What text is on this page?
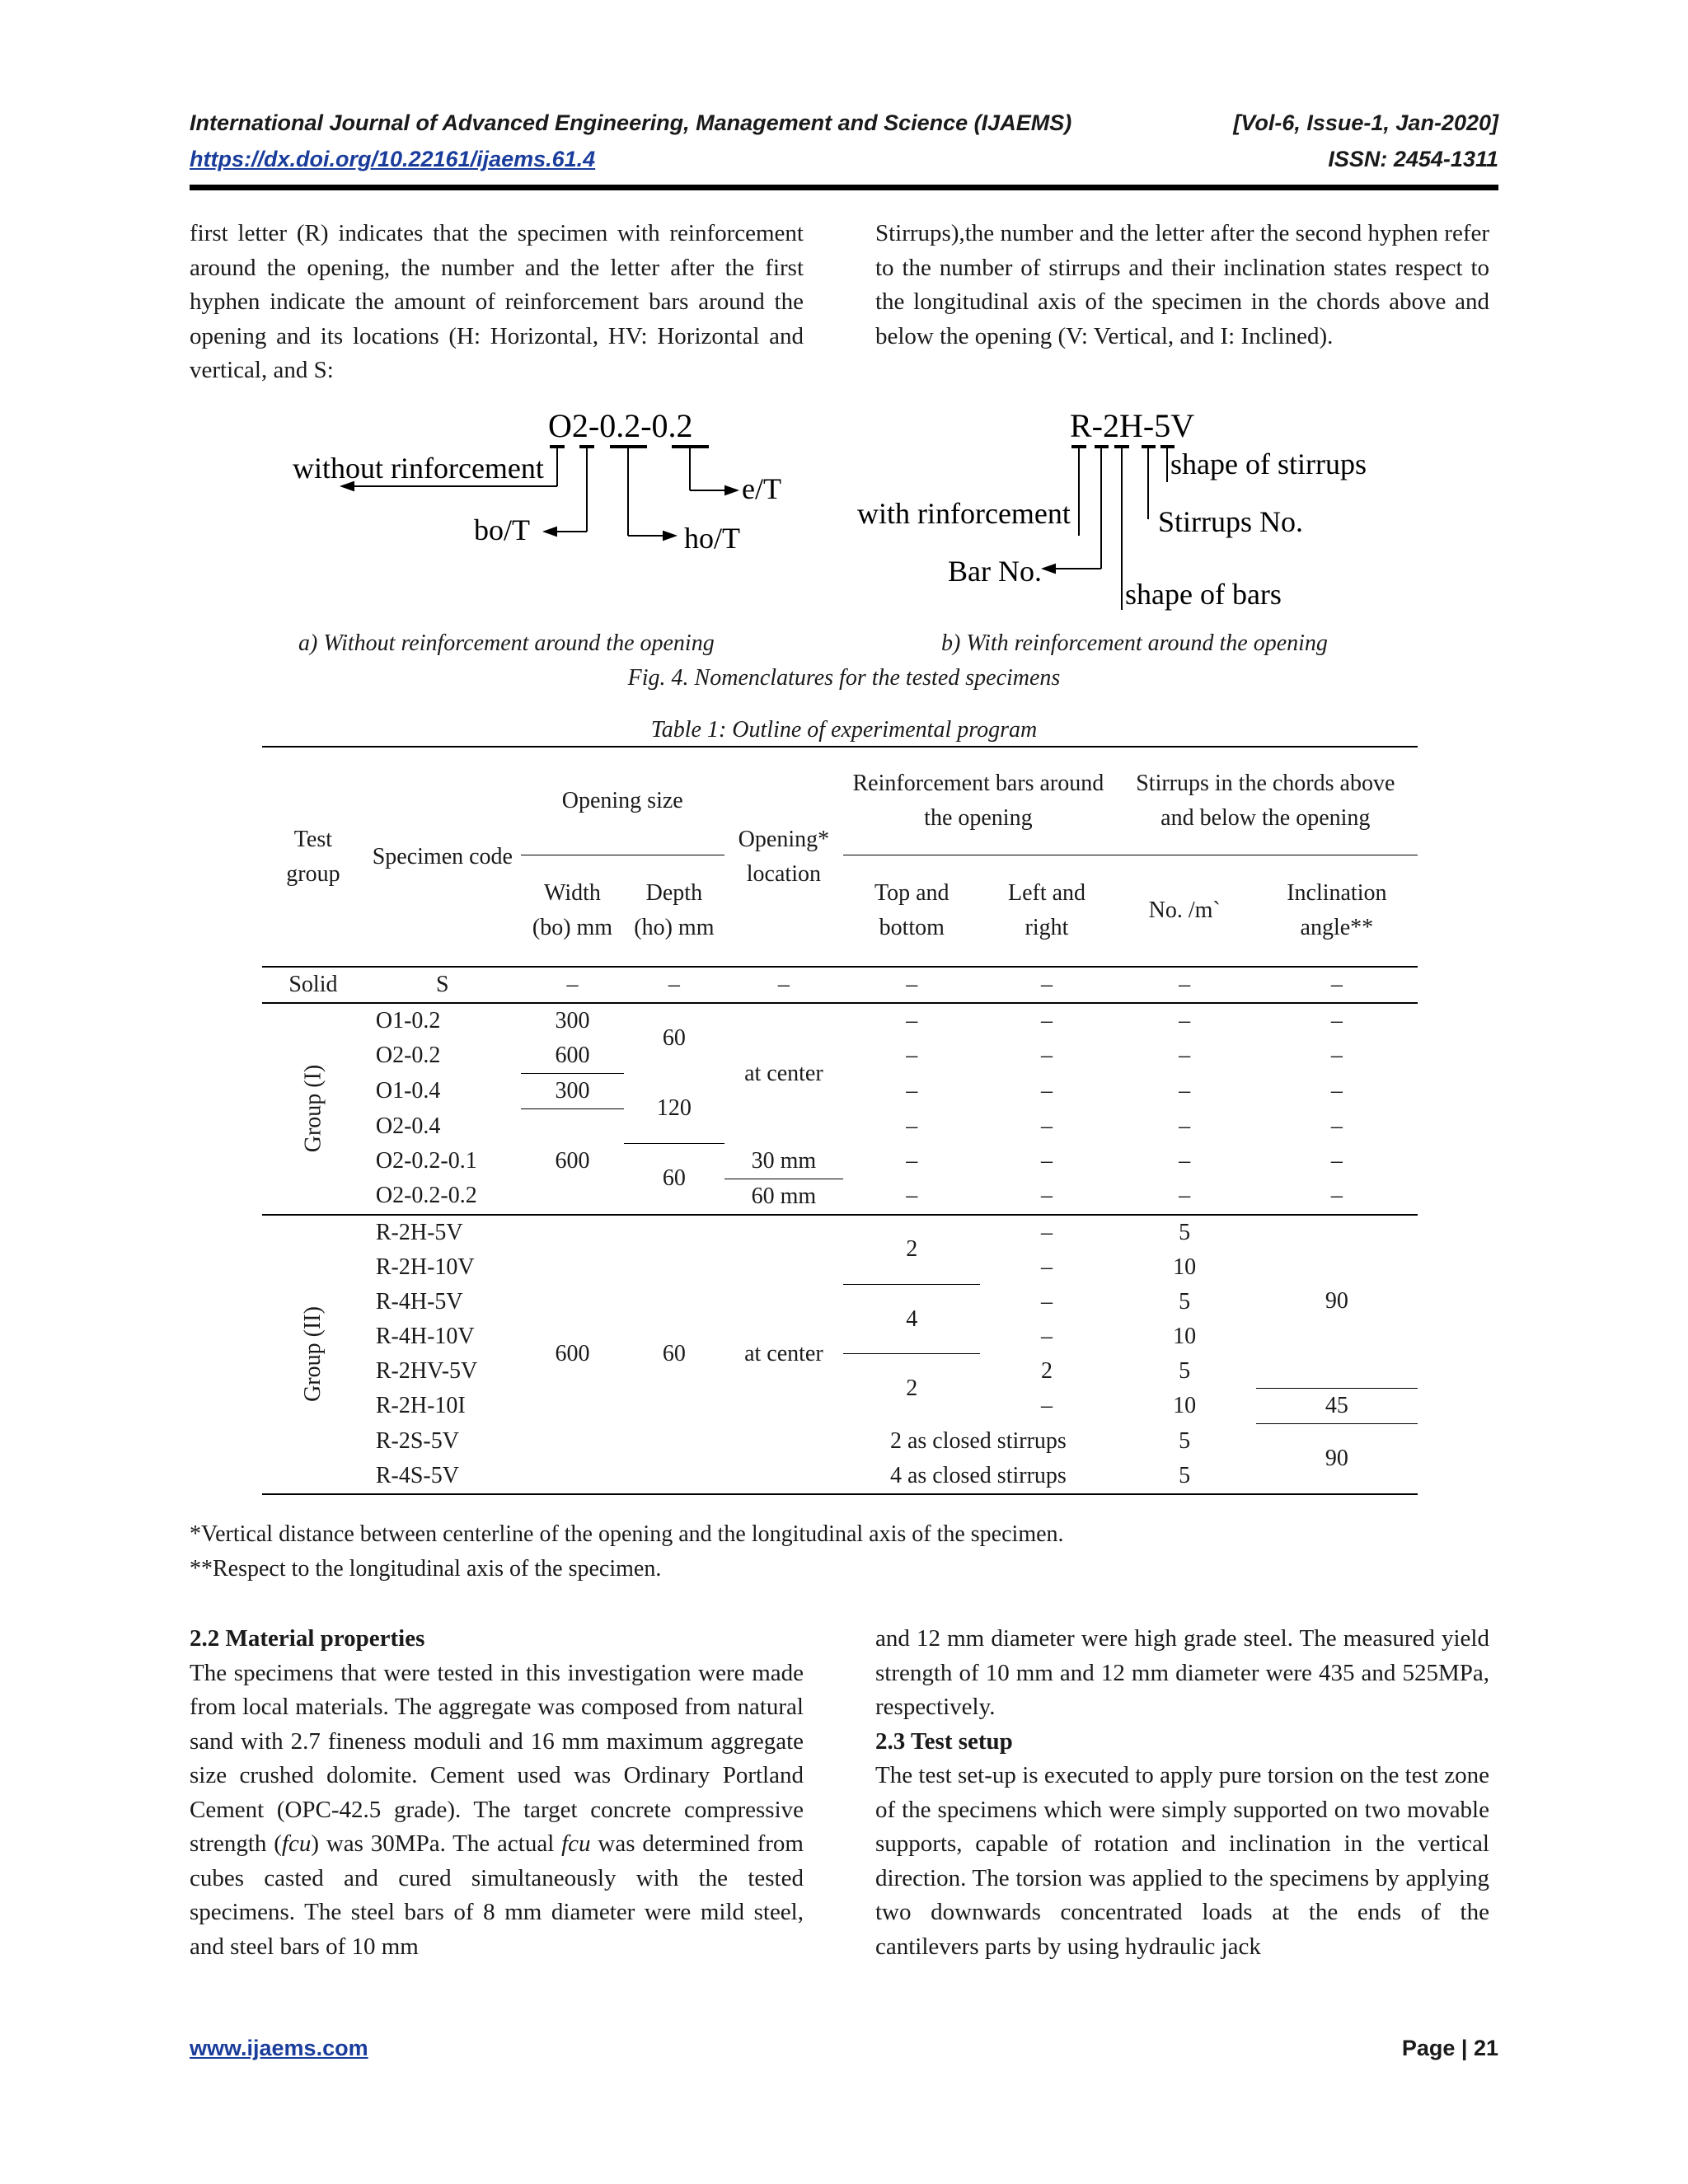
International Journal of Advanced Engineering, Management and Science (IJAEMS)	[Vol-6, Issue-1, Jan-2020]
https://dx.doi.org/10.22161/ijaems.61.4	ISSN: 2454-1311

first letter (R) indicates that the specimen with reinforcement around the opening, the number and the letter after the first hyphen indicate the amount of reinforcement bars around the opening and its locations (H: Horizontal, HV: Horizontal and vertical, and S:

Stirrups),the number and the letter after the second hyphen refer to the number of stirrups and their inclination states respect to the longitudinal axis of the specimen in the chords above and below the opening (V: Vertical, and I: Inclined).

O2-0.2-0.2
without rinforcement
bo/T	ho/T
e/T
R-2H-5V
with rinforcement
Bar No.
shape of stirrups
Stirrups No.
shape of bars
a) Without reinforcement around the opening	b) With reinforcement around the opening
Fig. 4. Nomenclatures for the tested specimens
Table 1: Outline of experimental program
Test group	Specimen code	Opening size		Opening* location	Reinforcement bars around the opening		Stirrups in the chords above and below the opening	

		Width (bo) mm	Depth (ho) mm		Top and bottom	Left and right	No. /m`	Inclination angle**
Solid	S	–	–	–	–	–	–	–
Group (I)	O1-0.2	300	60	at center	–	–	–	–
	O2-0.2	600			–	–	–	–
	O1-0.4	300	120		–	–	–	–
	O2-0.4	600			–	–	–	–
	O2-0.2-0.1		60	30 mm	–	–	–	–
	O2-0.2-0.2			60 mm	–	–	–	–
Group (II)	R-2H-5V	600	60	at center	2	–	5	90
	R-2H-10V					–	10	
	R-4H-5V				4	–	5	
	R-4H-10V					–	10	
	R-2HV-5V				2	2	5	
	R-2H-10I					–	10	45
	R-2S-5V				2 as closed stirrups		5	90
	R-4S-5V				4 as closed stirrups		5	
*Vertical distance between centerline of the opening and the longitudinal axis of the specimen.
**Respect to the longitudinal axis of the specimen.

2.2 Material properties

The specimens that were tested in this investigation were made from local materials. The aggregate was composed from natural sand with 2.7 fineness moduli and 16 mm maximum aggregate size crushed dolomite. Cement used was Ordinary Portland Cement (OPC-42.5 grade). The target concrete compressive strength (fcu) was 30MPa. The actual fcu was determined from cubes casted and cured simultaneously with the tested specimens. The steel bars of 8 mm diameter were mild steel, and steel bars of 10 mm

and 12 mm diameter were high grade steel. The measured yield strength of 10 mm and 12 mm diameter were 435 and 525MPa, respectively.

2.3 Test setup

The test set-up is executed to apply pure torsion on the test zone of the specimens which were simply supported on two movable supports, capable of rotation and inclination in the vertical direction. The torsion was applied to the specimens by applying two downwards concentrated loads at the ends of the cantilevers parts by using hydraulic jack

www.ijaems.com	Page | 21
